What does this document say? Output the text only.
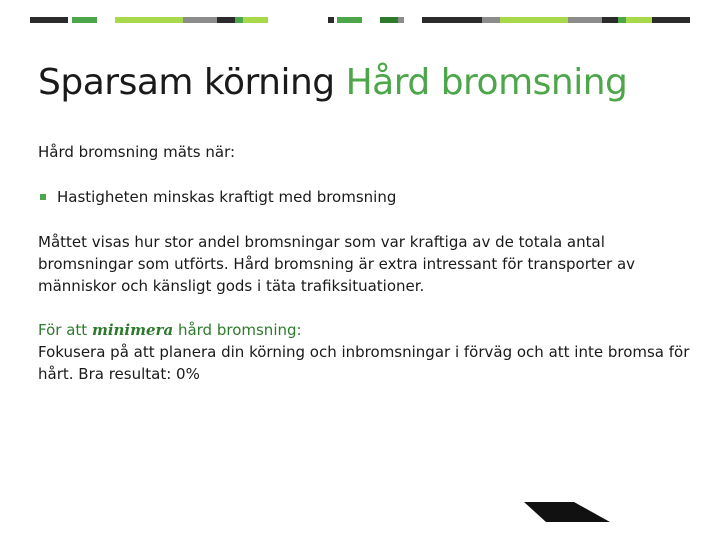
Sparsam körning Hård bromsning
Hård bromsning mäts när:
Hastigheten minskas kraftigt med bromsning
Måttet visas hur stor andel bromsningar som var kraftiga av de totala antal bromsningar som utförts. Hård bromsning är extra intressant för transporter av människor och känsligt gods i täta trafiksituationer.
För att minimera hård bromsning:
Fokusera på att planera din körning och inbromsningar i förväg och att inte bromsa för hårt. Bra resultat: 0%
